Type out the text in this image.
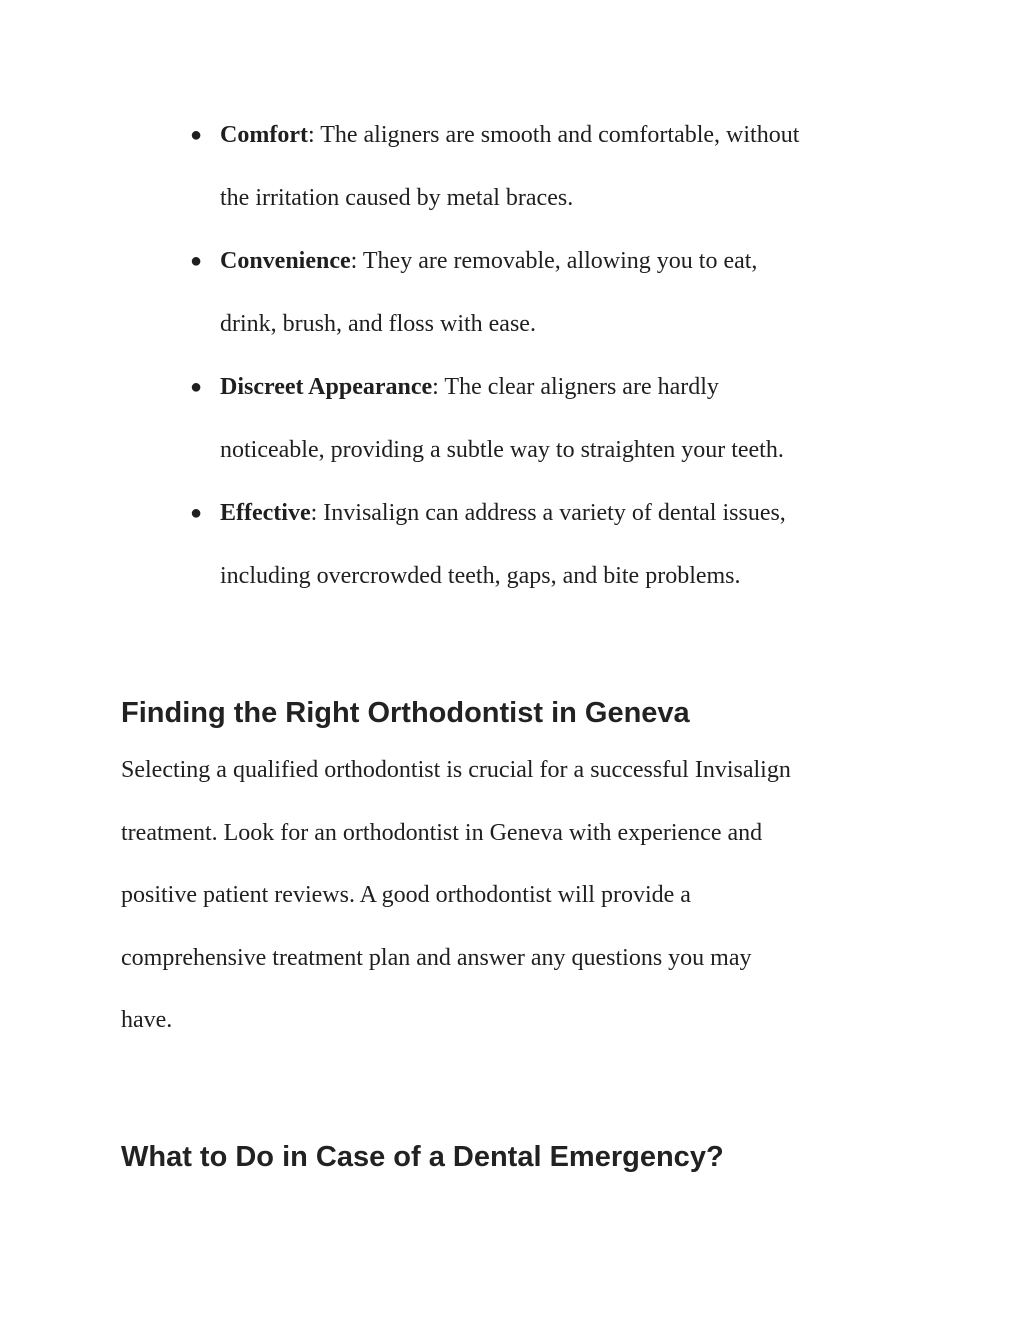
● Comfort: The aligners are smooth and comfortable, without
the irritation caused by metal braces.
● Convenience: They are removable, allowing you to eat,
drink, brush, and floss with ease.
● Discreet Appearance: The clear aligners are hardly
noticeable, providing a subtle way to straighten your teeth.
● Effective: Invisalign can address a variety of dental issues,
including overcrowded teeth, gaps, and bite problems.
Finding the Right Orthodontist in Geneva

Selecting a qualified orthodontist is crucial for a successful Invisalign
treatment. Look for an orthodontist in Geneva with experience and
positive patient reviews. A good orthodontist will provide a
comprehensive treatment plan and answer any questions you may
have.

What to Do in Case of a Dental Emergency?
